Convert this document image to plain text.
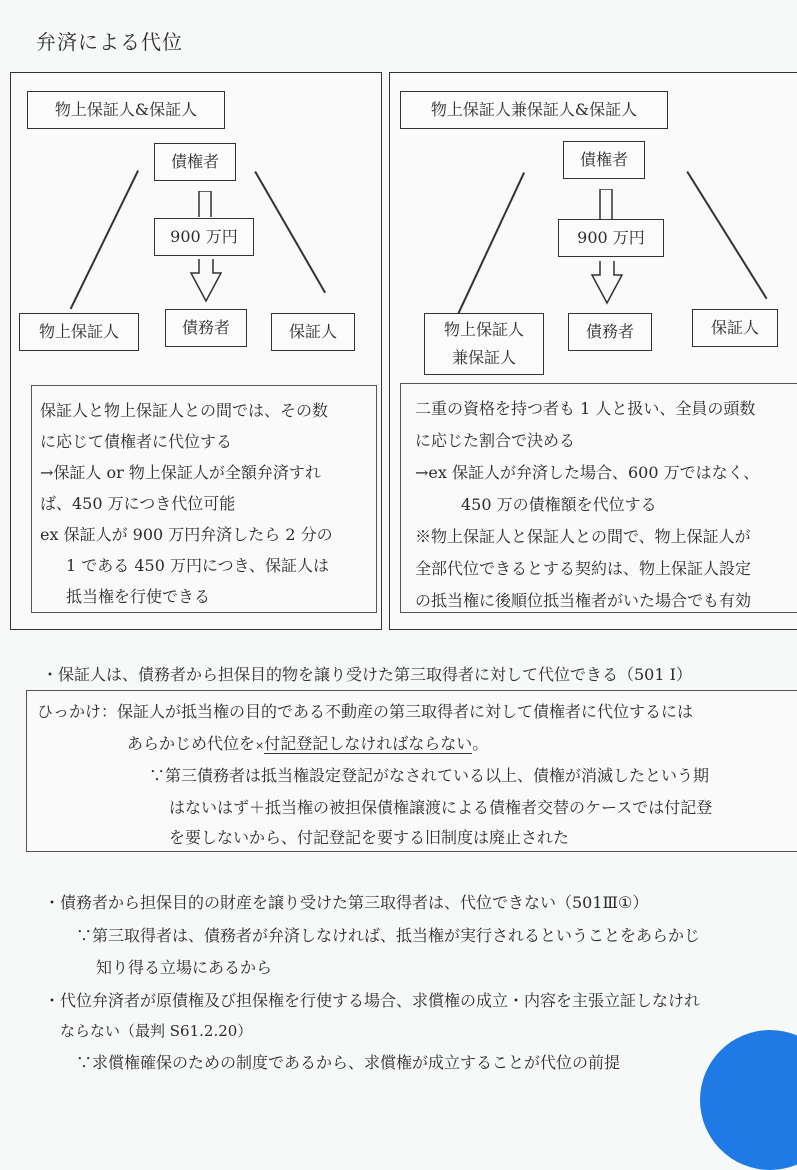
弁済による代位
物上保証人&保証人
債権者
900 万円
物上保証人	債務者	保証人
保証人と物上保証人との間では、その数
に応じて債権者に代位する
→保証人 or 物上保証人が全額弁済すれ
ば、450 万につき代位可能
ex 保証人が 900 万円弁済したら 2 分の
1 である 450 万円につき、保証人は
抵当権を行使できる
物上保証人兼保証人&保証人
債権者
900 万円
物上保証人
兼保証人
債務者	保証人
二重の資格を持つ者も 1 人と扱い、全員の頭数
に応じた割合で決める
→ex 保証人が弁済した場合、600 万ではなく、
450 万の債権額を代位する
※物上保証人と保証人との間で、物上保証人が
全部代位できるとする契約は、物上保証人設定
の抵当権に後順位抵当権者がいた場合でも有効
・保証人は、債務者から担保目的物を譲り受けた第三取得者に対して代位できる（501 Ⅰ）
ひっかけ：保証人が抵当権の目的である不動産の第三取得者に対して債権者に代位するには
あらかじめ代位を×付記登記しなければならない。
∵第三債務者は抵当権設定登記がなされている以上、債権が消滅したという期
はないはず＋抵当権の被担保債権譲渡による債権者交替のケースでは付記登
を要しないから、付記登記を要する旧制度は廃止された
・債務者から担保目的の財産を譲り受けた第三取得者は、代位できない（501Ⅲ①）
∵第三取得者は、債務者が弁済しなければ、抵当権が実行されるということをあらかじ
知り得る立場にあるから
・代位弁済者が原債権及び担保権を行使する場合、求償権の成立・内容を主張立証しなけれ
ならない（最判 S61.2.20）
∵求償権確保のための制度であるから、求償権が成立することが代位の前提
